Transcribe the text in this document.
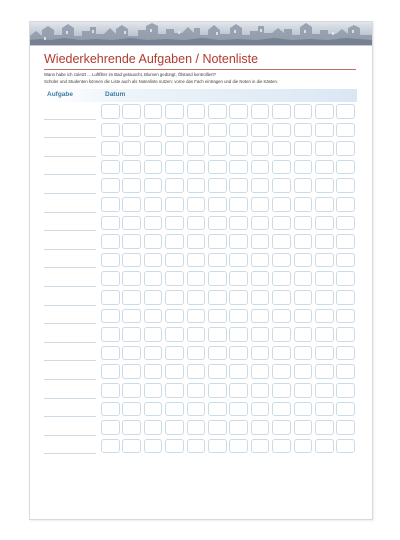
Wiederkehrende Aufgaben / Notenliste
Wann habe ich zuletzt ... Luftfilter im Bad getauscht, Blumen gedüngt, Ölstand kontrolliert?
Schüler und Studenten können die Liste auch als Notenliste nutzen: vorne das Fach eintragen und die Noten in die Kästen.
Aufgabe	Datum
